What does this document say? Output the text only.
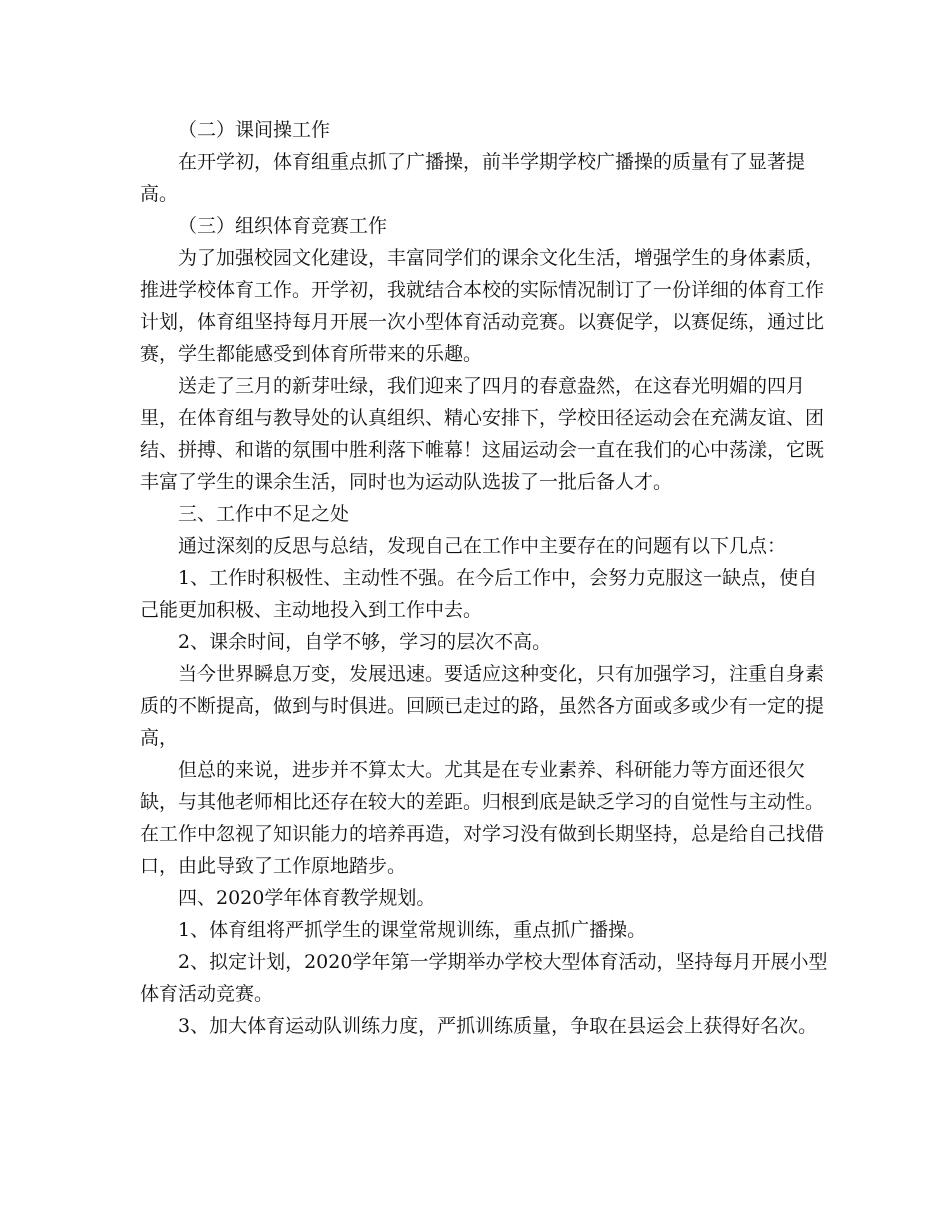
（二）课间操工作

在开学初，体育组重点抓了广播操，前半学期学校广播操的质量有了显著提高。

（三）组织体育竞赛工作

为了加强校园文化建设，丰富同学们的课余文化生活，增强学生的身体素质，推进学校体育工作。开学初，我就结合本校的实际情况制订了一份详细的体育工作计划，体育组坚持每月开展一次小型体育活动竞赛。以赛促学，以赛促练，通过比赛，学生都能感受到体育所带来的乐趣。

送走了三月的新芽吐绿，我们迎来了四月的春意盎然，在这春光明媚的四月里，在体育组与教导处的认真组织、精心安排下，学校田径运动会在充满友谊、团结、拼搏、和谐的氛围中胜利落下帷幕！这届运动会一直在我们的心中荡漾，它既丰富了学生的课余生活，同时也为运动队选拔了一批后备人才。

三、工作中不足之处

通过深刻的反思与总结，发现自己在工作中主要存在的问题有以下几点：

1、工作时积极性、主动性不强。在今后工作中，会努力克服这一缺点，使自己能更加积极、主动地投入到工作中去。

2、课余时间，自学不够，学习的层次不高。

当今世界瞬息万变，发展迅速。要适应这种变化，只有加强学习，注重自身素质的不断提高，做到与时俱进。回顾已走过的路，虽然各方面或多或少有一定的提高，

但总的来说，进步并不算太大。尤其是在专业素养、科研能力等方面还很欠缺，与其他老师相比还存在较大的差距。归根到底是缺乏学习的自觉性与主动性。在工作中忽视了知识能力的培养再造，对学习没有做到长期坚持，总是给自己找借口，由此导致了工作原地踏步。

四、2020学年体育教学规划。

1、体育组将严抓学生的课堂常规训练，重点抓广播操。

2、拟定计划，2020学年第一学期举办学校大型体育活动，坚持每月开展小型体育活动竞赛。

3、加大体育运动队训练力度，严抓训练质量，争取在县运会上获得好名次。
